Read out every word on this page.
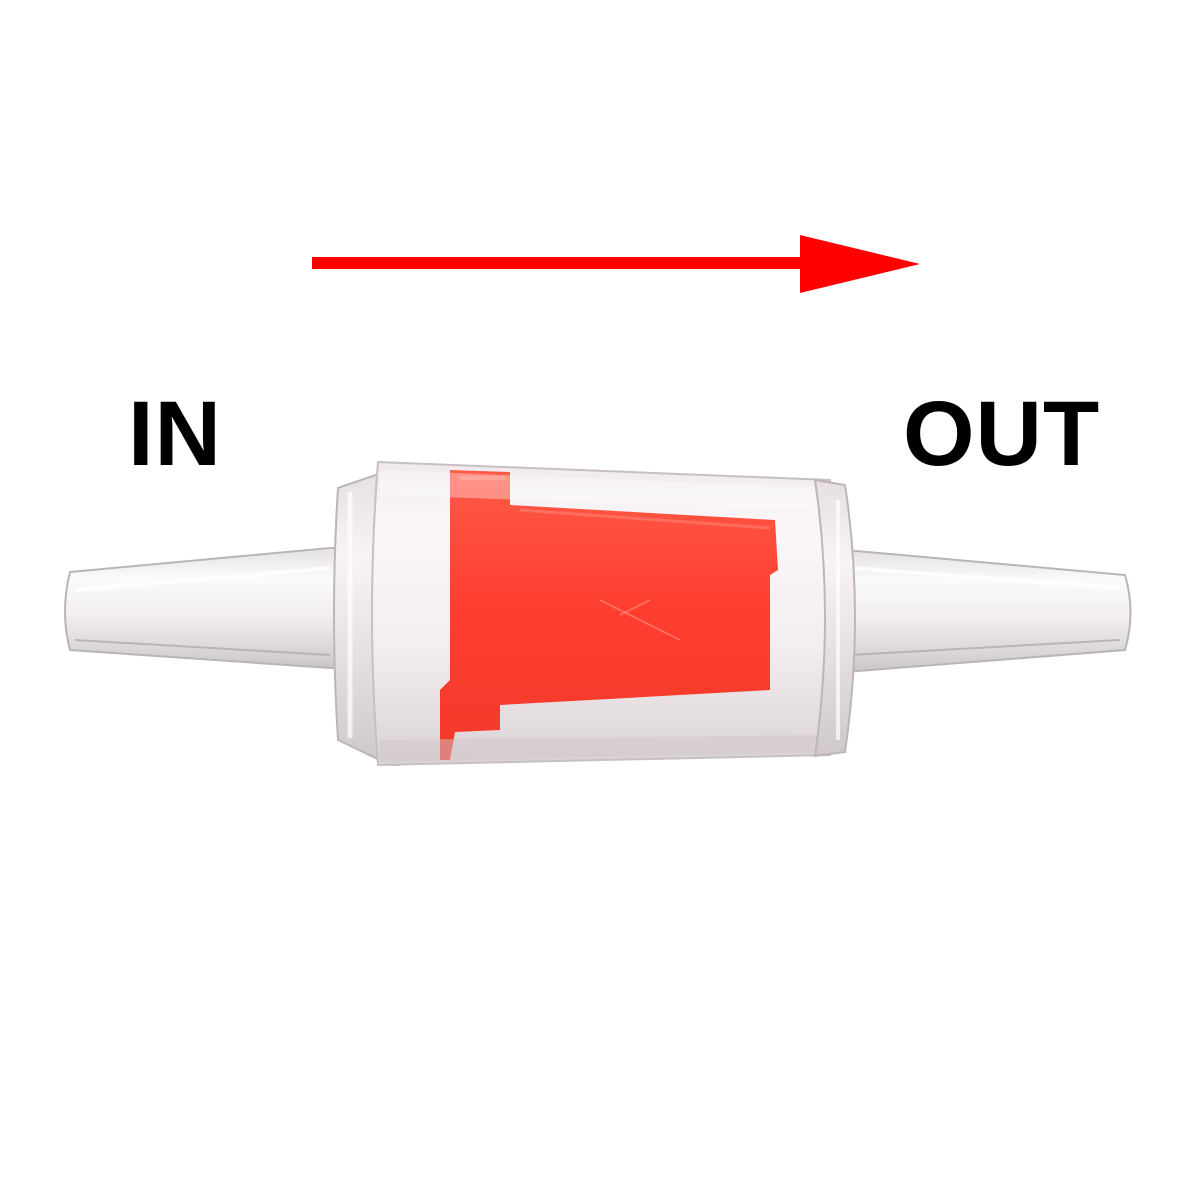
IN	OUT
